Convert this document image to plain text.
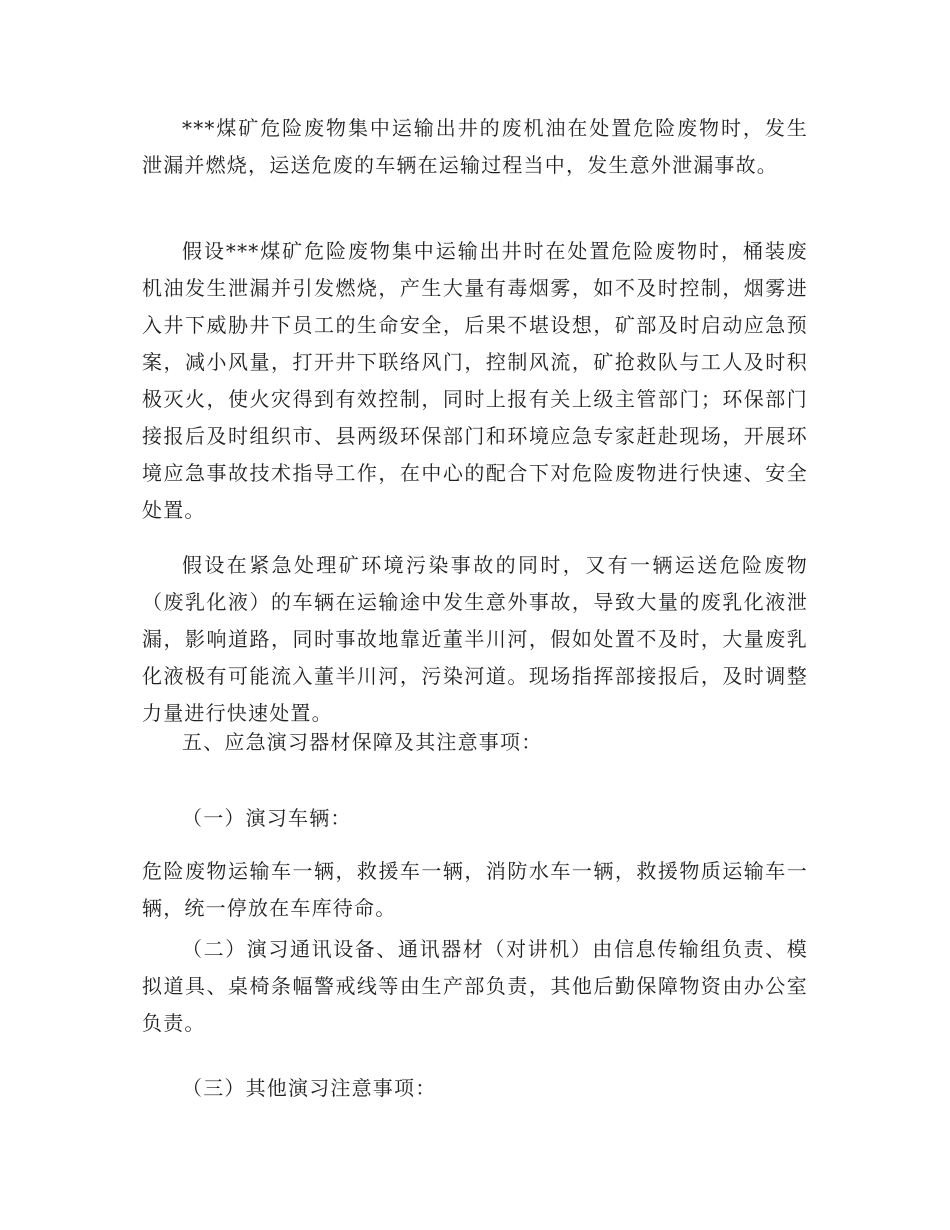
***煤矿危险废物集中运输出井的废机油在处置危险废物时，发生泄漏并燃烧，运送危废的车辆在运输过程当中，发生意外泄漏事故。

假设***煤矿危险废物集中运输出井时在处置危险废物时，桶装废机油发生泄漏并引发燃烧，产生大量有毒烟雾，如不及时控制，烟雾进入井下威胁井下员工的生命安全，后果不堪设想，矿部及时启动应急预案，减小风量，打开井下联络风门，控制风流，矿抢救队与工人及时积极灭火，使火灾得到有效控制，同时上报有关上级主管部门；环保部门接报后及时组织市、县两级环保部门和环境应急专家赶赴现场，开展环境应急事故技术指导工作，在中心的配合下对危险废物进行快速、安全处置。

假设在紧急处理矿环境污染事故的同时，又有一辆运送危险废物（废乳化液）的车辆在运输途中发生意外事故，导致大量的废乳化液泄漏，影响道路，同时事故地靠近董半川河，假如处置不及时，大量废乳化液极有可能流入董半川河，污染河道。现场指挥部接报后，及时调整力量进行快速处置。

五、应急演习器材保障及其注意事项：

（一）演习车辆：

危险废物运输车一辆，救援车一辆，消防水车一辆，救援物质运输车一辆，统一停放在车库待命。

（二）演习通讯设备、通讯器材（对讲机）由信息传输组负责、模拟道具、桌椅条幅警戒线等由生产部负责，其他后勤保障物资由办公室负责。

（三）其他演习注意事项：
